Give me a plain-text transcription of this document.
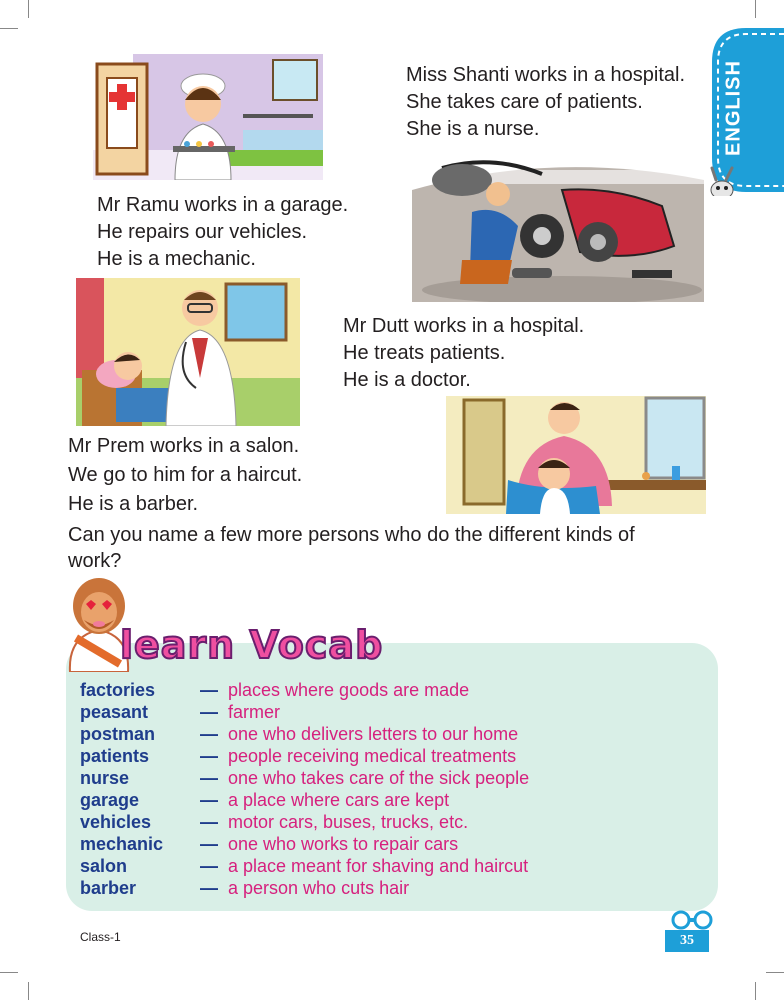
ENGLISH
Miss Shanti works in a hospital.
She takes care of patients.
She is a nurse.
Mr Ramu works in a garage.
He repairs our vehicles.
He is a mechanic.
Mr Dutt works in a hospital.
He treats patients.
He is a doctor.
Mr Prem works in a salon.
We go to him for a haircut.
He is a barber.
Can you name a few more persons who do the different kinds of
work?
learn Vocab
factories — places where goods are made
peasant	— farmer
postman — one who delivers letters to our home
patients	— people receiving medical treatments
nurse	— one who takes care of the sick people
garage	— a place where cars are kept
vehicles	— motor cars, buses, trucks, etc.
mechanic — one who works to repair cars
salon	— a place meant for shaving and haircut
barber	— a person who cuts hair
Class-1	35
